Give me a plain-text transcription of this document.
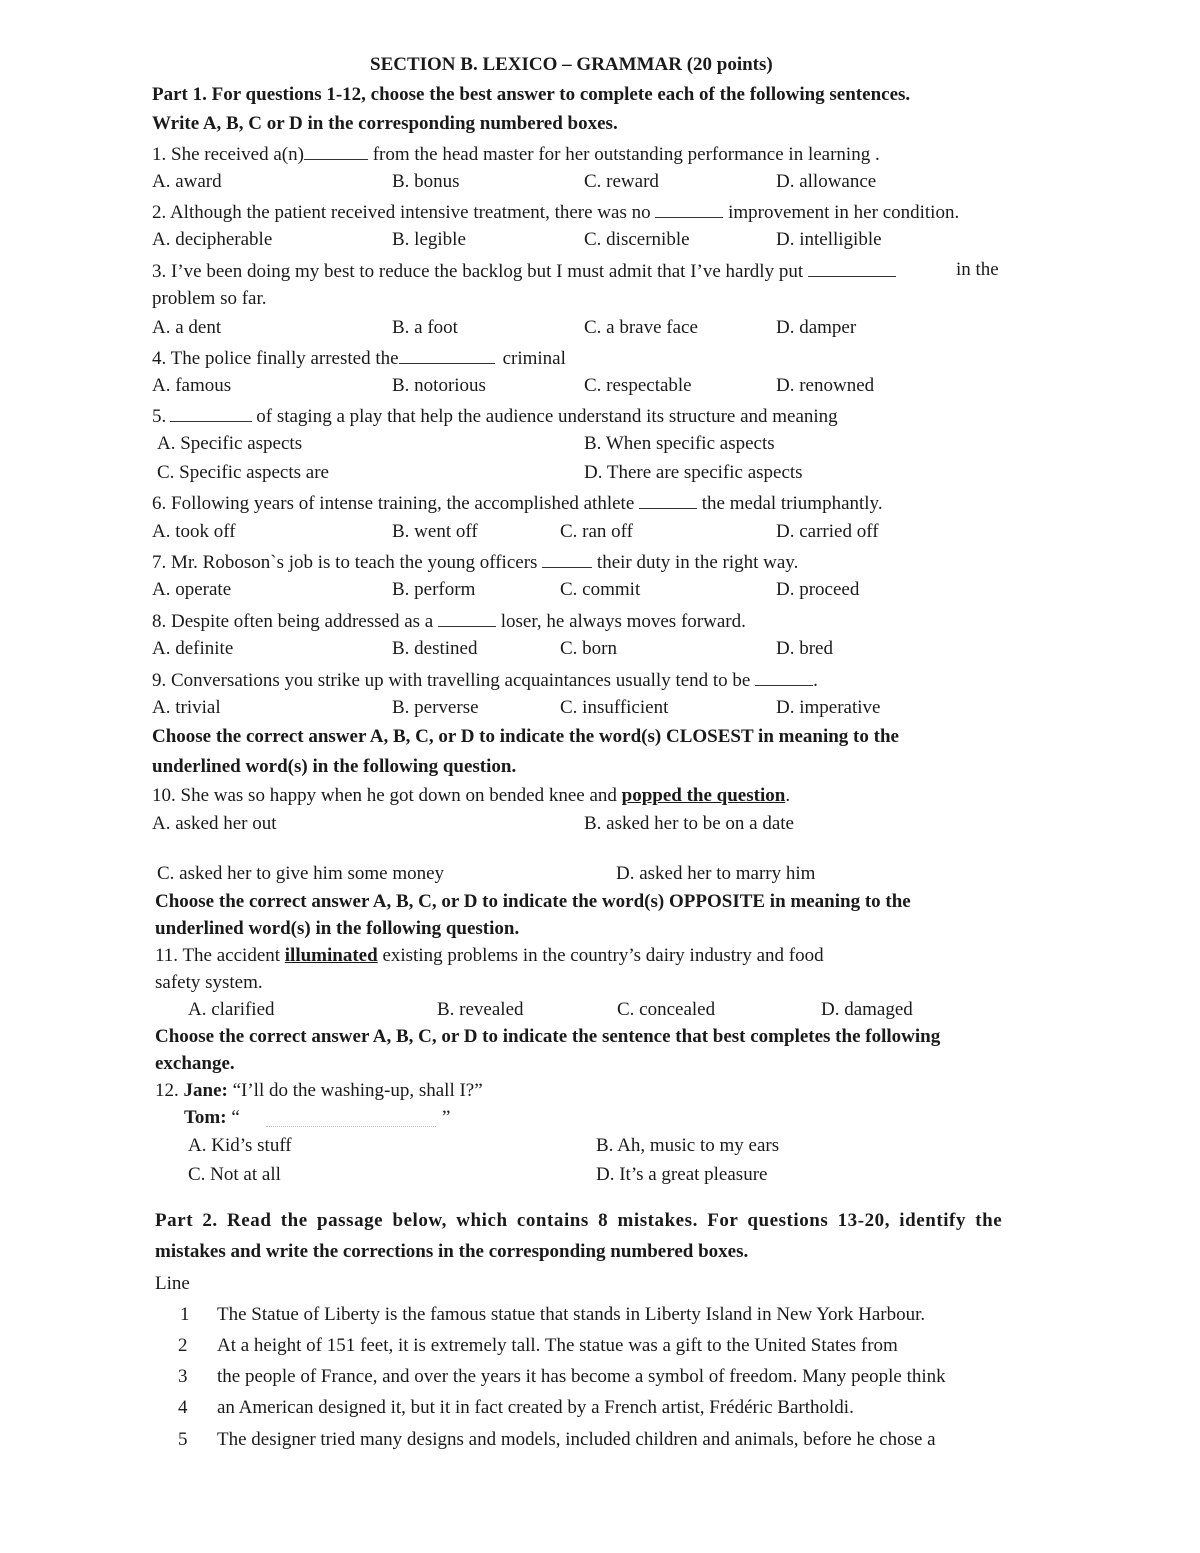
SECTION B. LEXICO – GRAMMAR (20 points)
Part 1. For questions 1-12, choose the best answer to complete each of the following sentences.
Write A, B, C or D in the corresponding numbered boxes.
1. She received a(n)	from the head master for her outstanding performance in learning .
A. award	B. bonus	C. reward	D. allowance
2. Although the patient received intensive treatment, there was no	improvement in her condition.
A. decipherable	B. legible	C. discernible	D. intelligible
3. I’ve been doing my best to reduce the backlog but I must admit that I’ve hardly put	in the
problem so far.
A. a dent	B. a foot	C. a brave face	D. damper
4. The police finally arrested the	criminal
A. famous	B. notorious	C. respectable	D. renowned
5.	of staging a play that help the audience understand its structure and meaning
A. Specific aspects	B. When specific aspects
C. Specific aspects are	D. There are specific aspects
6. Following years of intense training, the accomplished athlete	the medal triumphantly.
A. took off	B. went off	C. ran off	D. carried off
7. Mr. Roboson`s job is to teach the young officers	their duty in the right way.
A. operate	B. perform	C. commit	D. proceed
8. Despite often being addressed as a	loser, he always moves forward.
A. definite	B. destined	C. born	D. bred
9. Conversations you strike up with travelling acquaintances usually tend to be	.
A. trivial	B. perverse	C. insufficient	D. imperative
Choose the correct answer A, B, C, or D to indicate the word(s) CLOSEST in meaning to the
underlined word(s) in the following question.
10. She was so happy when he got down on bended knee and popped the question.
A. asked her out	B. asked her to be on a date
C. asked her to give him some money	D. asked her to marry him
Choose the correct answer A, B, C, or D to indicate the word(s) OPPOSITE in meaning to the
underlined word(s) in the following question.
11. The accident illuminated existing problems in the country’s dairy industry and food
safety system.
A. clarified	B. revealed	C. concealed	D. damaged
Choose the correct answer A, B, C, or D to indicate the sentence that best completes the following
exchange.
12. Jane: “I’ll do the washing-up, shall I?”
Tom: “	”
A. Kid’s stuff	B. Ah, music to my ears
C. Not at all	D. It’s a great pleasure
Part 2. Read the passage below, which contains 8 mistakes. For questions 13-20, identify the
mistakes and write the corrections in the corresponding numbered boxes.
Line
1 The Statue of Liberty is the famous statue that stands in Liberty Island in New York Harbour.
2 At a height of 151 feet, it is extremely tall. The statue was a gift to the United States from
3 the people of France, and over the years it has become a symbol of freedom. Many people think
4 an American designed it, but it in fact created by a French artist, Frédéric Bartholdi.
5 The designer tried many designs and models, included children and animals, before he chose a
